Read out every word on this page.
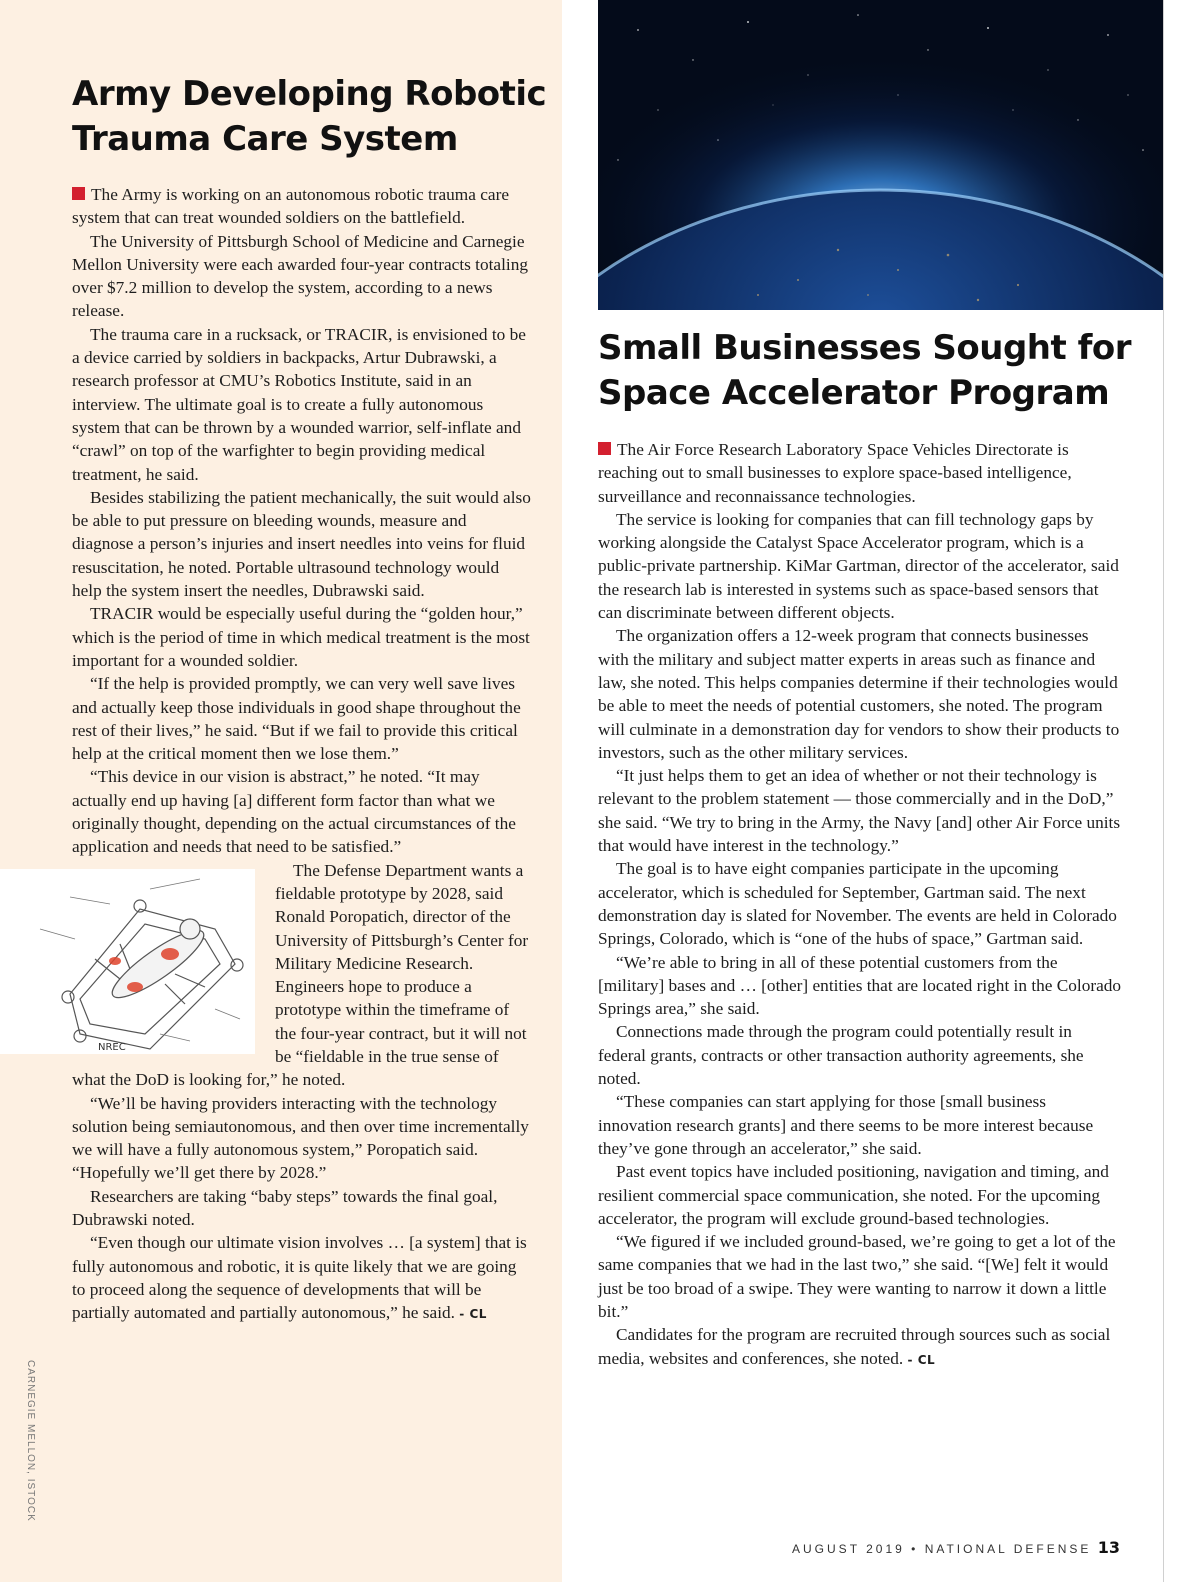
Army Developing Robotic
Trauma Care System

The Army is working on an autonomous robotic trauma care system that can treat wounded soldiers on the battlefield.

The University of Pittsburgh School of Medicine and Carnegie Mellon University were each awarded four-year contracts totaling over $7.2 million to develop the system, according to a news release.

The trauma care in a rucksack, or TRACIR, is envisioned to be a device carried by soldiers in backpacks, Artur Dubrawski, a research professor at CMU’s Robotics Institute, said in an interview. The ultimate goal is to create a fully autonomous system that can be thrown by a wounded warrior, self-inflate and “crawl” on top of the warfighter to begin providing medical treatment, he said.

Besides stabilizing the patient mechanically, the suit would also be able to put pressure on bleeding wounds, measure and diagnose a person’s injuries and insert needles into veins for fluid resuscitation, he noted. Portable ultrasound technology would help the system insert the needles, Dubrawski said.

TRACIR would be especially useful during the “golden hour,” which is the period of time in which medical treatment is the most important for a wounded soldier.

“If the help is provided promptly, we can very well save lives and actually keep those individuals in good shape throughout the rest of their lives,” he said. “But if we fail to provide this critical help at the critical moment then we lose them.”

“This device in our vision is abstract,” he noted. “It may actually end up having [a] different form factor than what we originally thought, depending on the actual circumstances of the application and needs that need to be satisfied.”

NREC

The Defense Department wants a fieldable prototype by 2028, said Ronald Poropatich, director of the University of Pittsburgh’s Center for Military Medicine Research. Engineers hope to produce a prototype within the timeframe of the four-year contract, but it will not be “fieldable in the true sense of what the DoD is looking for,” he noted.

“We’ll be having providers interacting with the technology solution being semiautonomous, and then over time incrementally we will have a fully autonomous system,” Poropatich said. “Hopefully we’ll get there by 2028.”

Researchers are taking “baby steps” towards the final goal, Dubrawski noted.

“Even though our ultimate vision involves … [a system] that is fully autonomous and robotic, it is quite likely that we are going to proceed along the sequence of developments that will be partially automated and partially autonomous,” he said. - CL

CARNEGIE MELLON, ISTOCK
Small Businesses Sought for
Space Accelerator Program

The Air Force Research Laboratory Space Vehicles Directorate is reaching out to small businesses to explore space-based intelligence, surveillance and reconnaissance technologies.

The service is looking for companies that can fill technology gaps by working alongside the Catalyst Space Accelerator program, which is a public-private partnership. KiMar Gartman, director of the accelerator, said the research lab is interested in systems such as space-based sensors that can discriminate between different objects.

The organization offers a 12-week program that connects businesses with the military and subject matter experts in areas such as finance and law, she noted. This helps companies determine if their technologies would be able to meet the needs of potential customers, she noted. The program will culminate in a demonstration day for vendors to show their products to investors, such as the other military services.

“It just helps them to get an idea of whether or not their technology is relevant to the problem statement — those commercially and in the DoD,” she said. “We try to bring in the Army, the Navy [and] other Air Force units that would have interest in the technology.”

The goal is to have eight companies participate in the upcoming accelerator, which is scheduled for September, Gartman said. The next demonstration day is slated for November. The events are held in Colorado Springs, Colorado, which is “one of the hubs of space,” Gartman said.

“We’re able to bring in all of these potential customers from the [military] bases and … [other] entities that are located right in the Colorado Springs area,” she said.

Connections made through the program could potentially result in federal grants, contracts or other transaction authority agreements, she noted.

“These companies can start applying for those [small business innovation research grants] and there seems to be more interest because they’ve gone through an accelerator,” she said.

Past event topics have included positioning, navigation and timing, and resilient commercial space communication, she noted. For the upcoming accelerator, the program will exclude ground-based technologies.

“We figured if we included ground-based, we’re going to get a lot of the same companies that we had in the last two,” she said. “[We] felt it would just be too broad of a swipe. They were wanting to narrow it down a little bit.”

Candidates for the program are recruited through sources such as social media, websites and conferences, she noted. - CL

AUGUST 2019 • NATIONAL DEFENSE 13
